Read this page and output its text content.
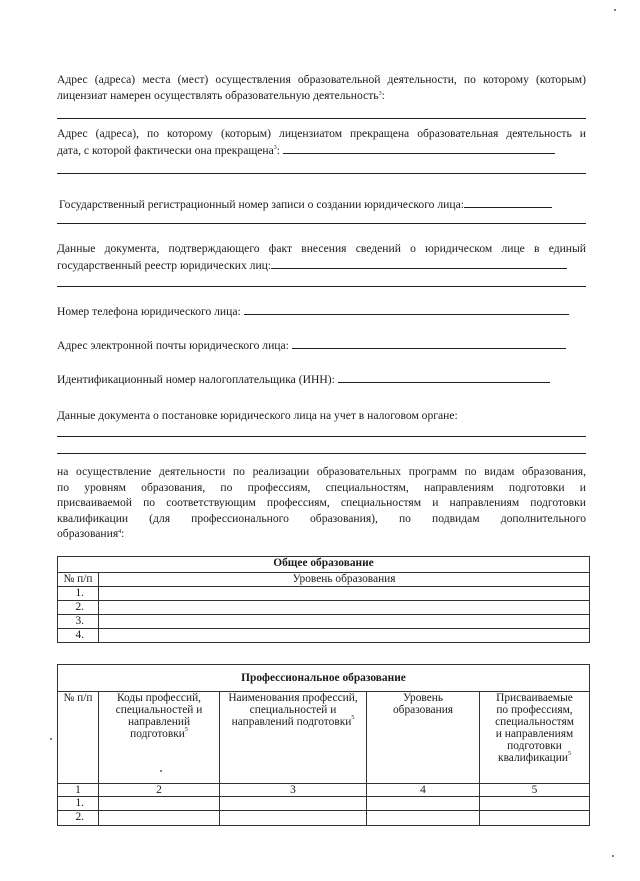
Адрес (адреса) места (мест) осуществления образовательной деятельности, по которому (которым)
лицензиат намерен осуществлять образовательную деятельность$^3$:
Адрес (адреса), по которому (которым) лицензиатом прекращена образовательная деятельность и
дата, с которой фактически она прекращена$^3$:
Государственный регистрационный номер записи о создании юридического лица:
Данные документа, подтверждающего факт внесения сведений о юридическом лице в единый
государственный реестр юридических лиц:
Номер телефона юридического лица:
Адрес электронной почты юридического лица:
Идентификационный номер налогоплательщика (ИНН):
Данные документа о постановке юридического лица на учет в налоговом органе:
на осуществление деятельности по реализации образовательных программ по видам образования,
по уровням образования, по профессиям, специальностям, направлениям подготовки и
присваиваемой по соответствующим профессиям, специальностям и направлениям подготовки
квалификации (для профессионального образования), по подвидам дополнительного
образования$^4$:
Общее образование	
№ п/п	Уровень образования
1.	
2.	
3.	
4.	
Профессиональное образование				
№ п/п	Коды профессий, специальностей и направлений подготовки$^5$	Наименования профессий, специальностей и направлений подготовки$^5$	Уровень образования	Присваиваемые по профессиям, специальностям и направлениям подготовки квалификации$^5$
1	2	3	4	5
1.				
2.				
